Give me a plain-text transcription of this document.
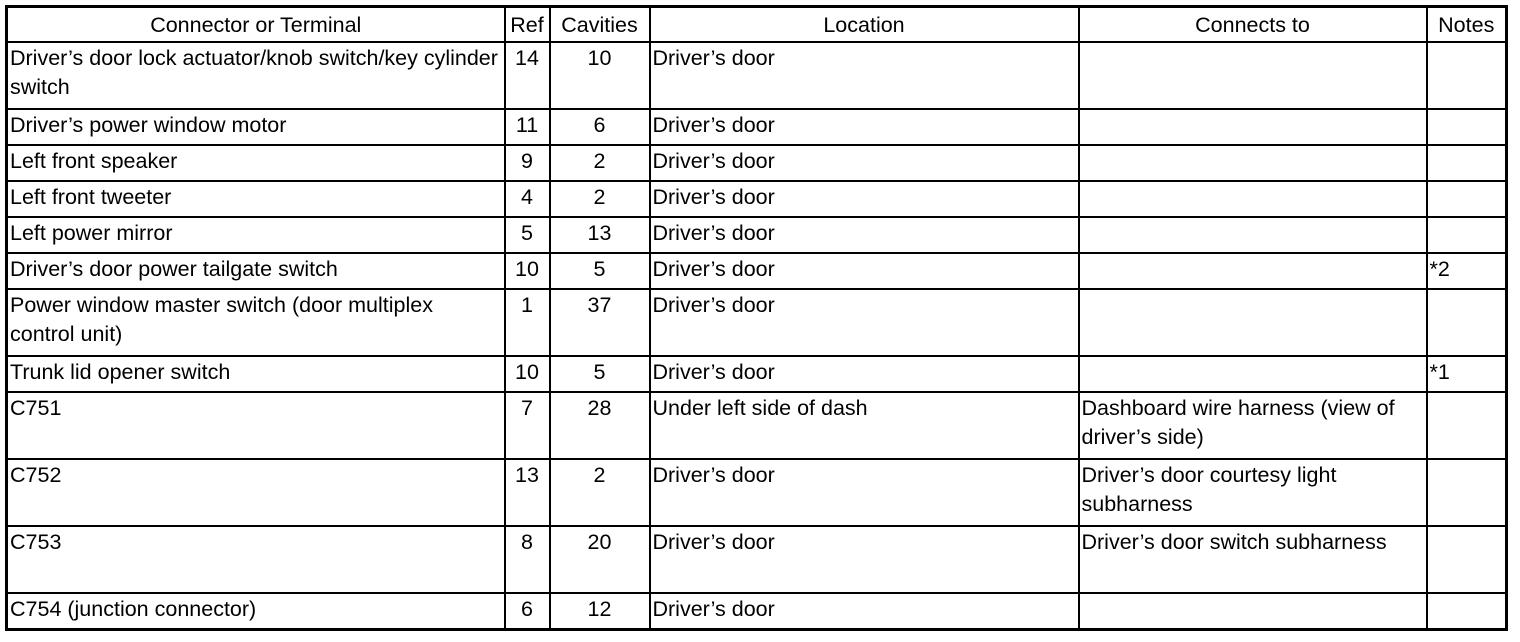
Connector or Terminal	Ref	Cavities	Location	Connects to	Notes
Driver’s door lock actuator/knob switch/key cylinder switch	14	10	Driver’s door		
Driver’s power window motor	11	6	Driver’s door		
Left front speaker	9	2	Driver’s door		
Left front tweeter	4	2	Driver’s door		
Left power mirror	5	13	Driver’s door		
Driver’s door power tailgate switch	10	5	Driver’s door		*2
Power window master switch (door multiplex control unit)	1	37	Driver’s door		
Trunk lid opener switch	10	5	Driver’s door		*1
C751	7	28	Under left side of dash	Dashboard wire harness (view of driver’s side)	
C752	13	2	Driver’s door	Driver’s door courtesy light subharness	
C753	8	20	Driver’s door	Driver’s door switch subharness	
C754 (junction connector)	6	12	Driver’s door		
